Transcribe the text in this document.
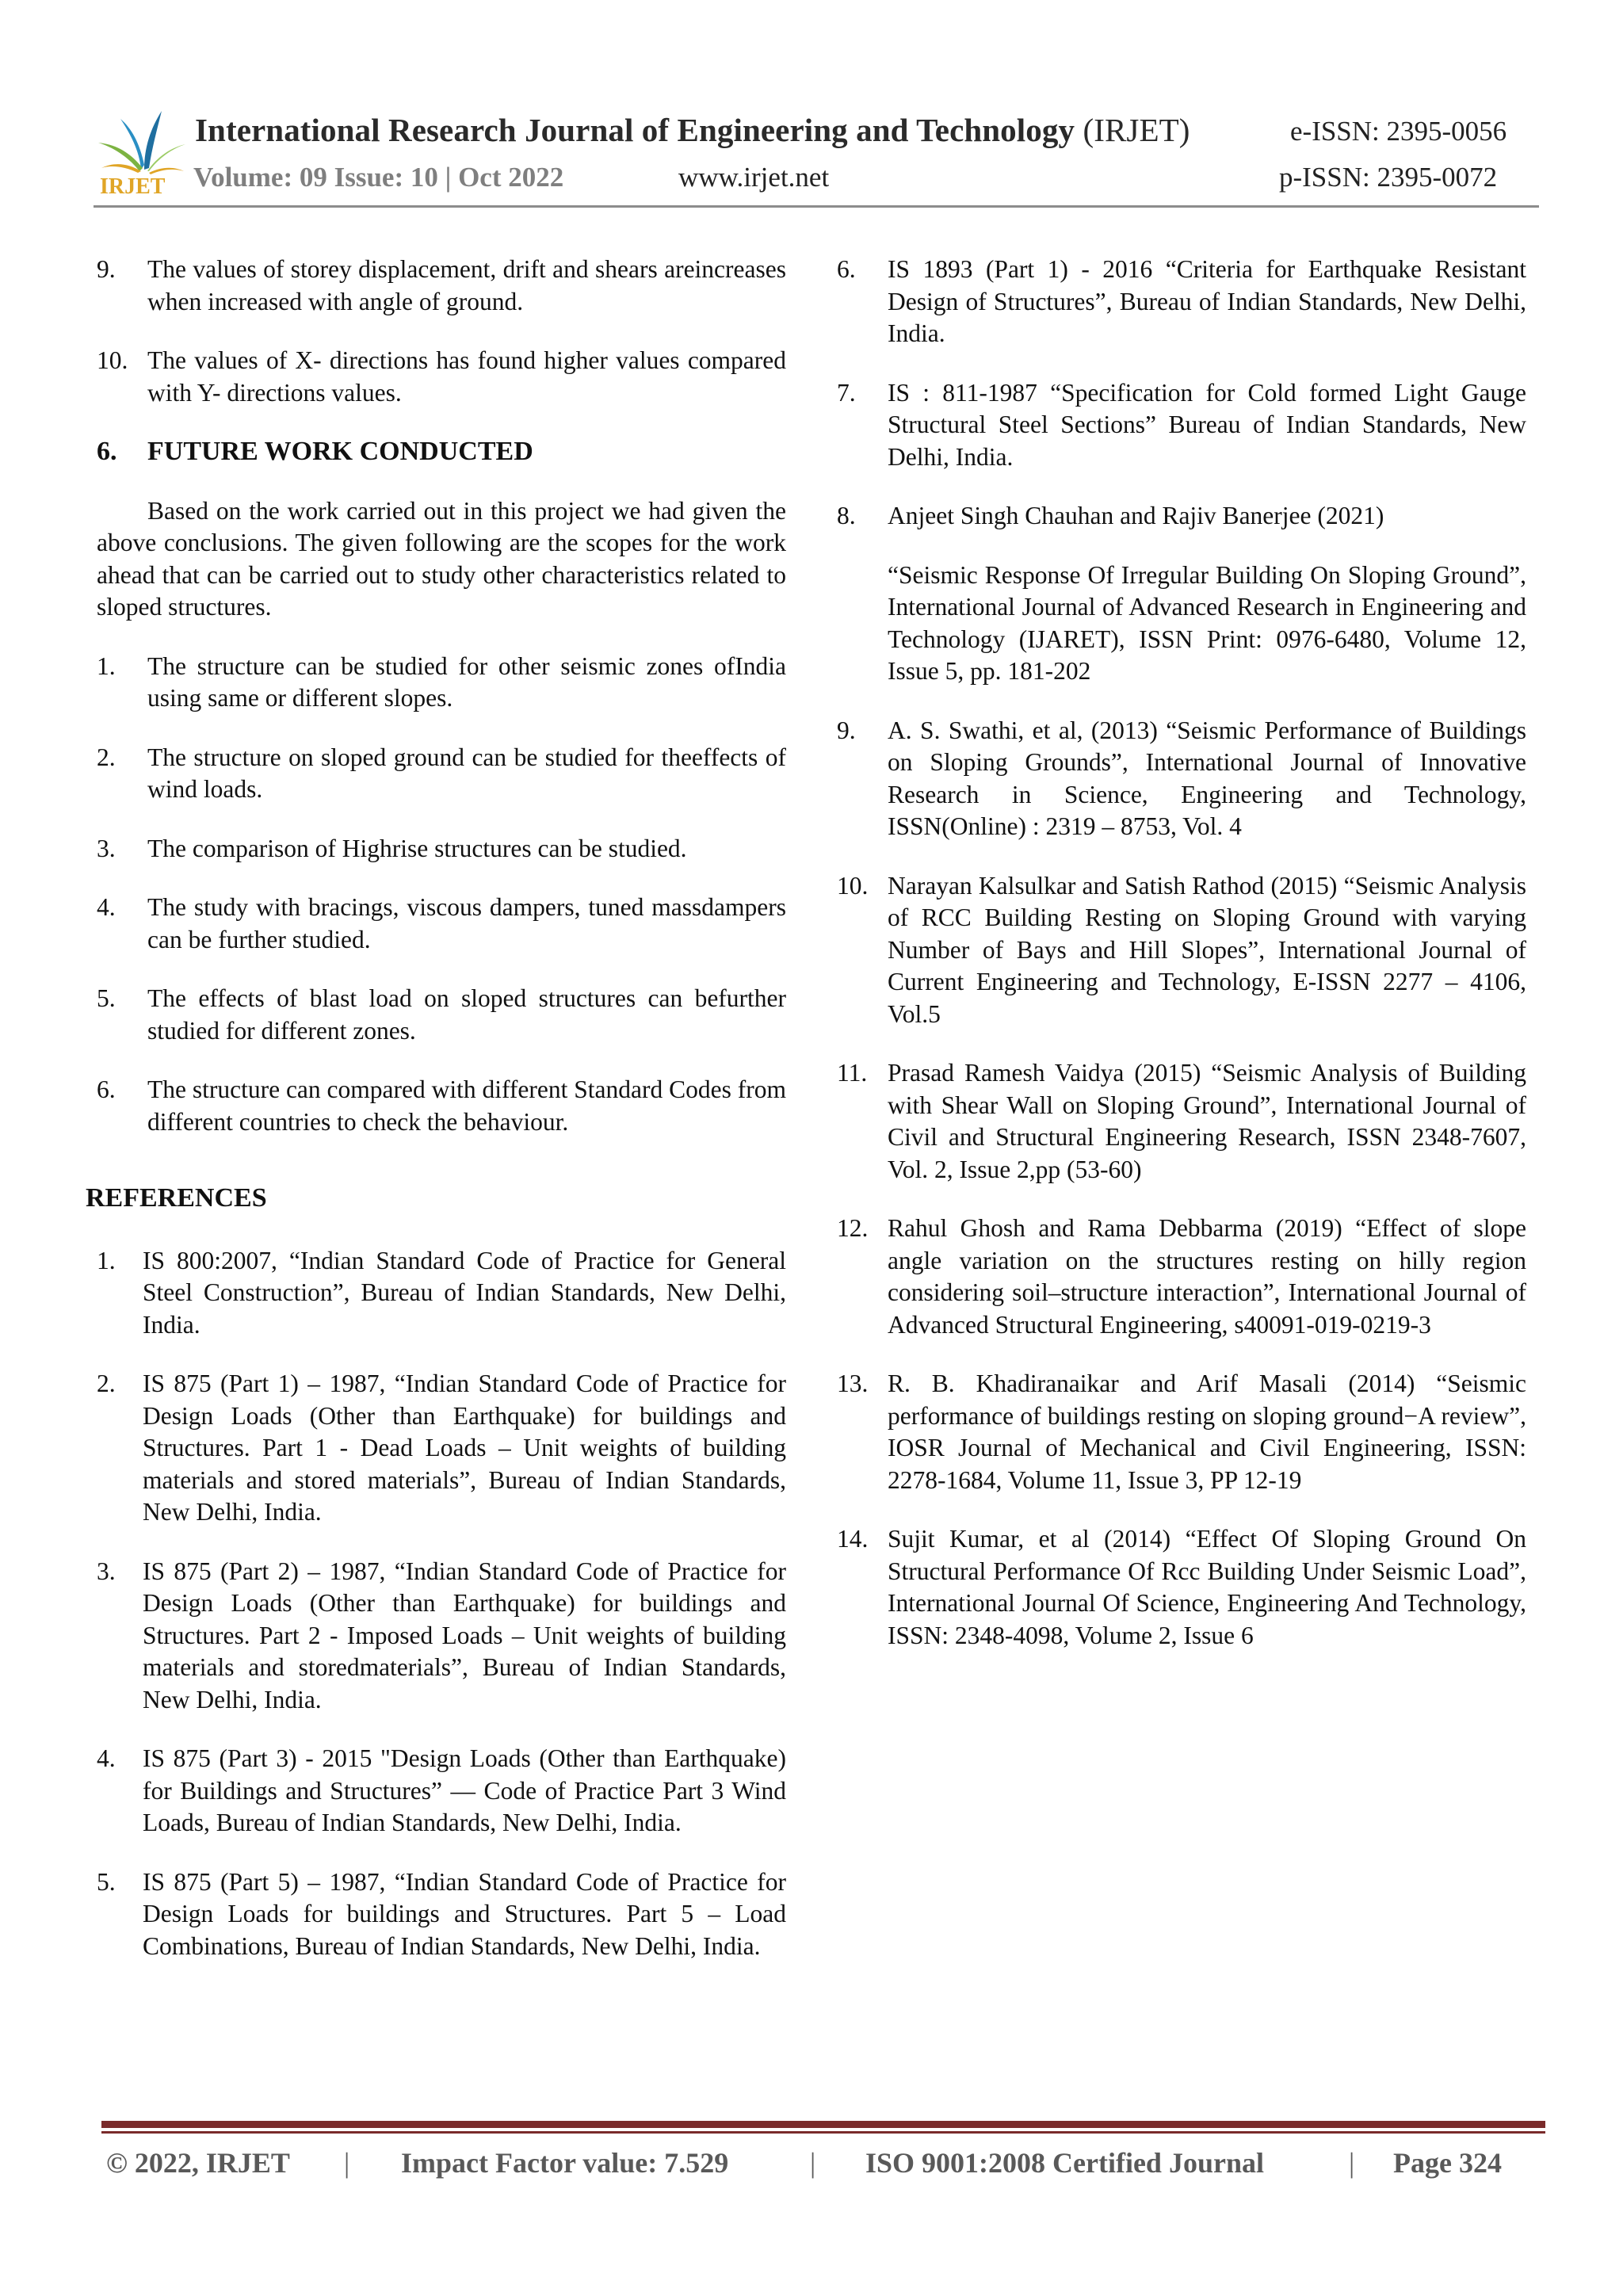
IRJET
International Research Journal of Engineering and Technology (IRJET)	e-ISSN: 2395-0056
Volume: 09 Issue: 10 | Oct 2022	www.irjet.net	p-ISSN: 2395-0072
9. The values of storey displacement, drift and shears areincreases when increased with angle of ground.
10. The values of X- directions has found higher values compared with Y- directions values.
6. FUTURE WORK CONDUCTED
Based on the work carried out in this project we had given the above conclusions. The given following are the scopes for the work ahead that can be carried out to study other characteristics related to sloped structures.
1. The structure can be studied for other seismic zones ofIndia using same or different slopes.
2. The structure on sloped ground can be studied for theeffects of wind loads.
3. The comparison of Highrise structures can be studied.
4. The study with bracings, viscous dampers, tuned massdampers can be further studied.
5. The effects of blast load on sloped structures can befurther studied for different zones.
6. The structure can compared with different Standard Codes from different countries to check the behaviour.
REFERENCES
1. IS 800:2007, “Indian Standard Code of Practice for General Steel Construction”, Bureau of Indian Standards, New Delhi, India.
2. IS 875 (Part 1) – 1987, “Indian Standard Code of Practice for Design Loads (Other than Earthquake) for buildings and Structures. Part 1 - Dead Loads – Unit weights of building materials and stored materials”, Bureau of Indian Standards, New Delhi, India.
3. IS 875 (Part 2) – 1987, “Indian Standard Code of Practice for Design Loads (Other than Earthquake) for buildings and Structures. Part 2 - Imposed Loads – Unit weights of building materials and storedmaterials”, Bureau of Indian Standards, New Delhi, India.
4. IS 875 (Part 3) - 2015 "Design Loads (Other than Earthquake) for Buildings and Structures” — Code of Practice Part 3 Wind Loads, Bureau of Indian Standards, New Delhi, India.
5. IS 875 (Part 5) – 1987, “Indian Standard Code of Practice for Design Loads for buildings and Structures. Part 5 – Load Combinations, Bureau of Indian Standards, New Delhi, India.
6. IS 1893 (Part 1) - 2016 “Criteria for Earthquake Resistant Design of Structures”, Bureau of Indian Standards, New Delhi, India.
7. IS : 811-1987 “Specification for Cold formed Light Gauge Structural Steel Sections” Bureau of Indian Standards, New Delhi, India.
8. Anjeet Singh Chauhan and Rajiv Banerjee (2021)
“Seismic Response Of Irregular Building On Sloping Ground”, International Journal of Advanced Research in Engineering and Technology (IJARET), ISSN Print: 0976-6480, Volume 12, Issue 5, pp. 181-202
9. A. S. Swathi, et al, (2013) “Seismic Performance of Buildings on Sloping Grounds”, International Journal of Innovative Research in Science, Engineering and Technology, ISSN(Online) : 2319 – 8753, Vol. 4
10. Narayan Kalsulkar and Satish Rathod (2015) “Seismic Analysis of RCC Building Resting on Sloping Ground with varying Number of Bays and Hill Slopes”, International Journal of Current Engineering and Technology, E-ISSN 2277 – 4106, Vol.5
11. Prasad Ramesh Vaidya (2015) “Seismic Analysis of Building with Shear Wall on Sloping Ground”, International Journal of Civil and Structural Engineering Research, ISSN 2348-7607, Vol. 2, Issue 2,pp (53-60)
12. Rahul Ghosh and Rama Debbarma (2019) “Effect of slope angle variation on the structures resting on hilly region considering soil–structure interaction”, International Journal of Advanced Structural Engineering, s40091-019-0219-3
13. R. B. Khadiranaikar and Arif Masali (2014) “Seismic performance of buildings resting on sloping ground−A review”, IOSR Journal of Mechanical and Civil Engineering, ISSN: 2278-1684, Volume 11, Issue 3, PP 12-19
14. Sujit Kumar, et al (2014) “Effect Of Sloping Ground On Structural Performance Of Rcc Building Under Seismic Load”, International Journal Of Science, Engineering And Technology, ISSN: 2348-4098, Volume 2, Issue 6
© 2022, IRJET | Impact Factor value: 7.529	| ISO 9001:2008 Certified Journal	| Page 324
